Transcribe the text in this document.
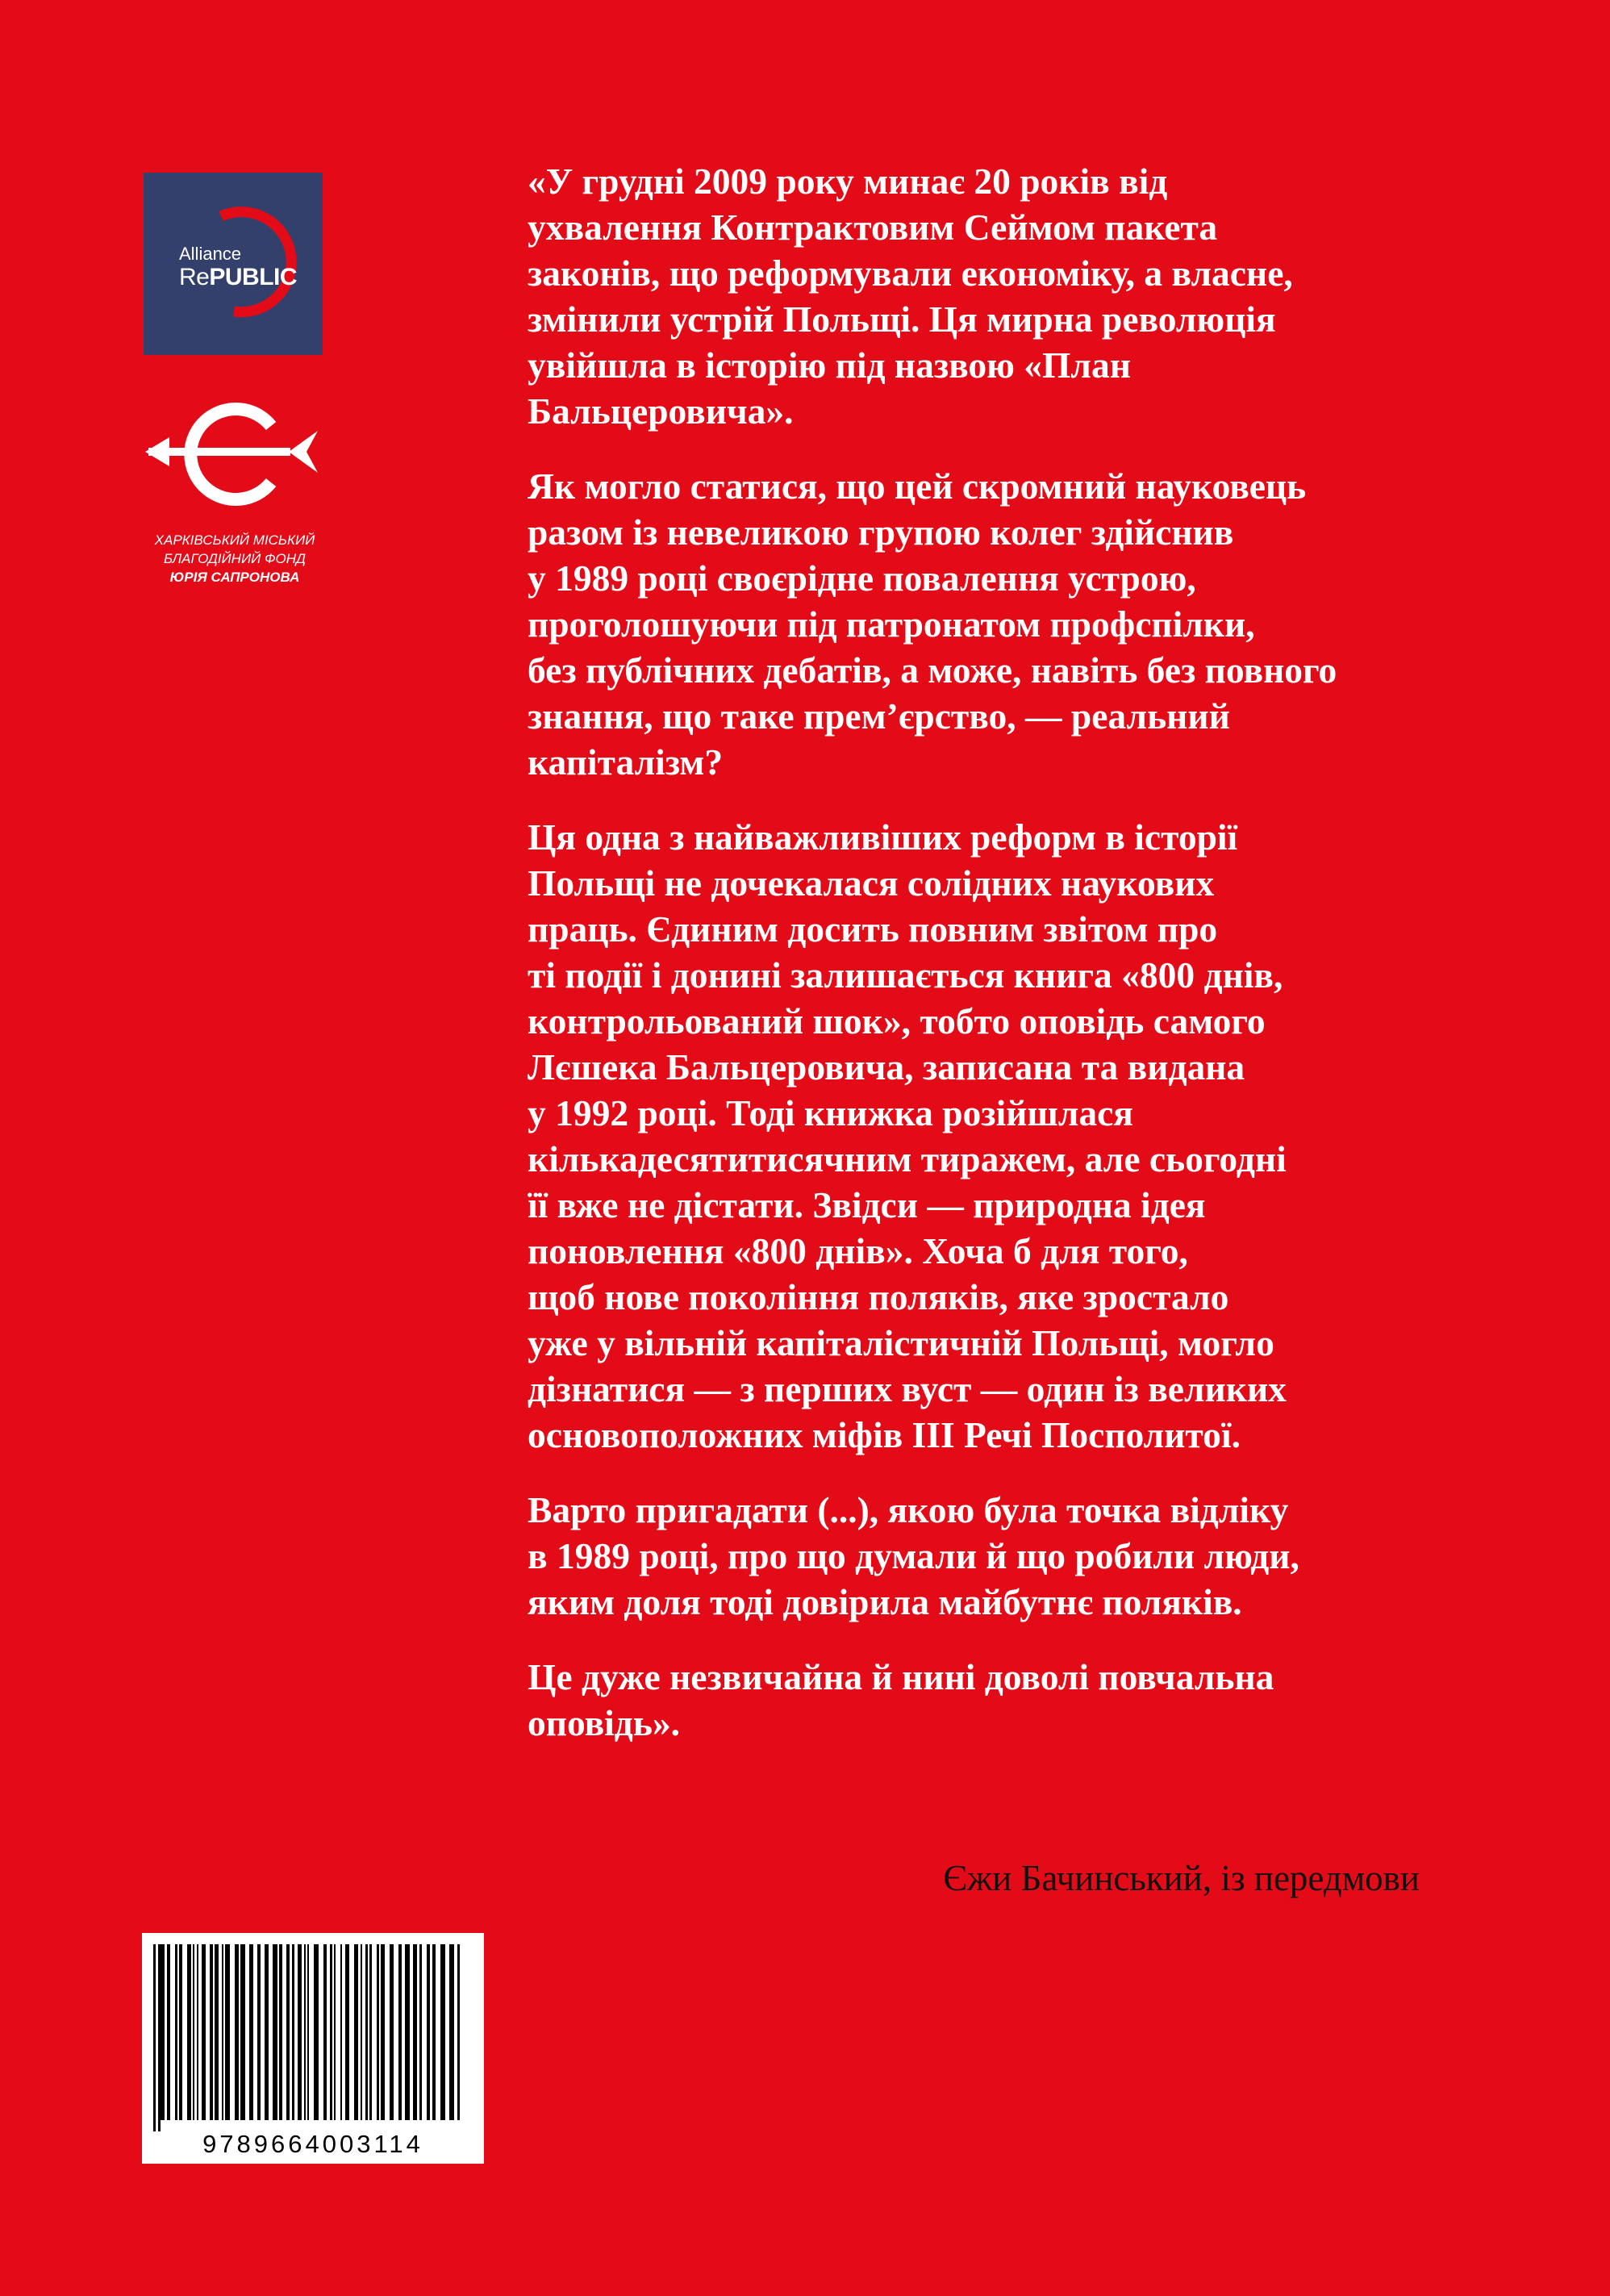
Alliance
RePUBLIC
ХАРКІВСЬКИЙ МІСЬКИЙ
БЛАГОДІЙНИЙ ФОНД
ЮРІЯ САПРОНОВА

«У грудні 2009 року минає 20 років від
ухвалення Контрактовим Сеймом пакета
законів, що реформували економіку, а власне,
змінили устрій Польщі. Ця мирна революція
увійшла в історію під назвою «План
Бальцеровича».

Як могло статися, що цей скромний науковець
разом із невеликою групою колег здійснив
у 1989 році своєрідне повалення устрою,
проголошуючи під патронатом профспілки,
без публічних дебатів, а може, навіть без повного
знання, що таке прем’єрство, — реальний
капіталізм?

Ця одна з найважливіших реформ в історії
Польщі не дочекалася солідних наукових
праць. Єдиним досить повним звітом про
ті події і донині залишається книга «800 днів,
контрольований шок», тобто оповідь самого
Лєшека Бальцеровича, записана та видана
у 1992 році. Тоді книжка розійшлася
кількадесятитисячним тиражем, але сьогодні
її вже не дістати. Звідси — природна ідея
поновлення «800 днів». Хоча б для того,
щоб нове покоління поляків, яке зростало
уже у вільній капіталістичній Польщі, могло
дізнатися — з перших вуст — один із великих
основоположних міфів ІІІ Речі Посполитої.

Варто пригадати (...), якою була точка відліку
в 1989 році, про що думали й що робили люди,
яким доля тоді довірила майбутнє поляків.

Це дуже незвичайна й нині доволі повчальна
оповідь».

Єжи Бачинський, із передмови
9789664003114
